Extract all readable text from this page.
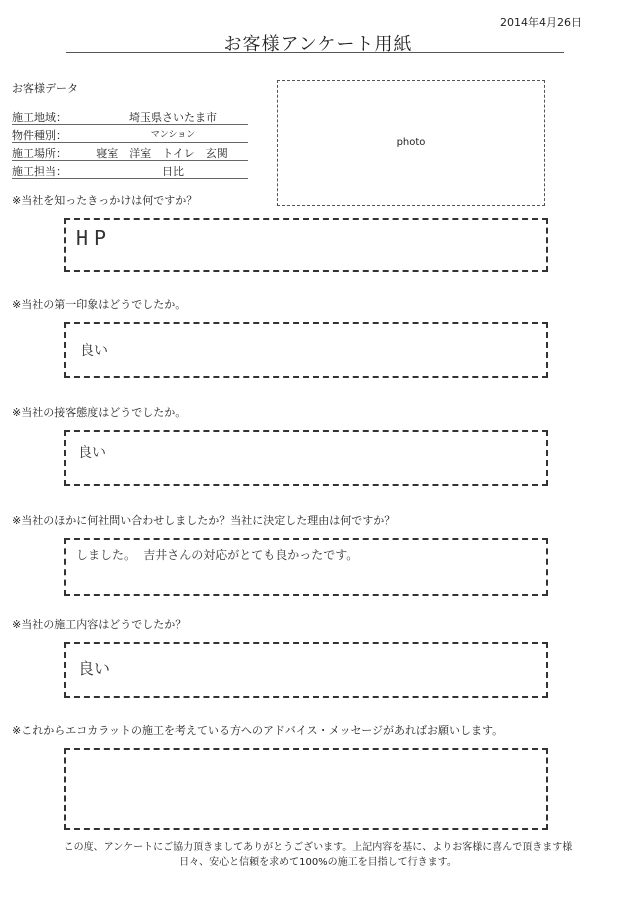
2014年4月26日
お客様アンケート用紙
お客様データ
施工地域：	埼玉県さいたま市
物件種別：	マンション
施工場所：	寝室　洋室　トイレ　玄関
施工担当：	日比
photo
※当社を知ったきっかけは何ですか？
HP
※当社の第一印象はどうでしたか。
良い
※当社の接客態度はどうでしたか。
良い
※当社のほかに何社問い合わせしましたか？当社に決定した理由は何ですか？
しました。 吉井さんの対応がとても良かったです。
※当社の施工内容はどうでしたか？
良い
※これからエコカラットの施工を考えている方へのアドバイス・メッセージがあればお願いします。
この度、アンケートにご協力頂きましてありがとうございます。上記内容を基に、よりお客様に喜んで頂きます様
日々、安心と信頼を求めて100%の施工を目指して行きます。
